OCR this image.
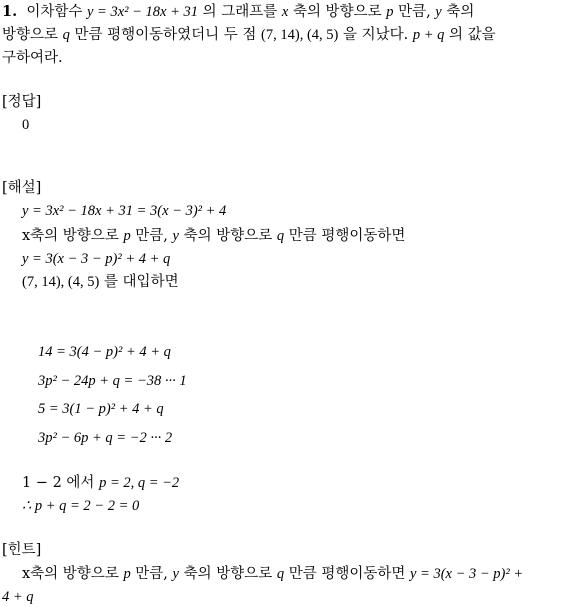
1. 이차함수 y = 3x² − 18x + 31 의 그래프를 x 축의 방향으로 p 만큼, y 축의
방향으로 q 만큼 평행이동하였더니 두 점 (7, 14), (4, 5) 을 지났다. p + q 의 값을
구하여라.
[정답]
0
[해설]
y = 3x² − 18x + 31 = 3(x − 3)² + 4
x축의 방향으로 p 만큼, y 축의 방향으로 q 만큼 평행이동하면
y = 3(x − 3 − p)² + 4 + q
(7, 14), (4, 5) 를 대입하면
14 = 3(4 − p)² + 4 + q
3p² − 24p + q = −38 ··· 1
5 = 3(1 − p)² + 4 + q
3p² − 6p + q = −2 ··· 2
1 − 2 에서 p = 2, q = −2
∴ p + q = 2 − 2 = 0
[힌트]
x축의 방향으로 p 만큼, y 축의 방향으로 q 만큼 평행이동하면 y = 3(x − 3 − p)² +
4 + q
